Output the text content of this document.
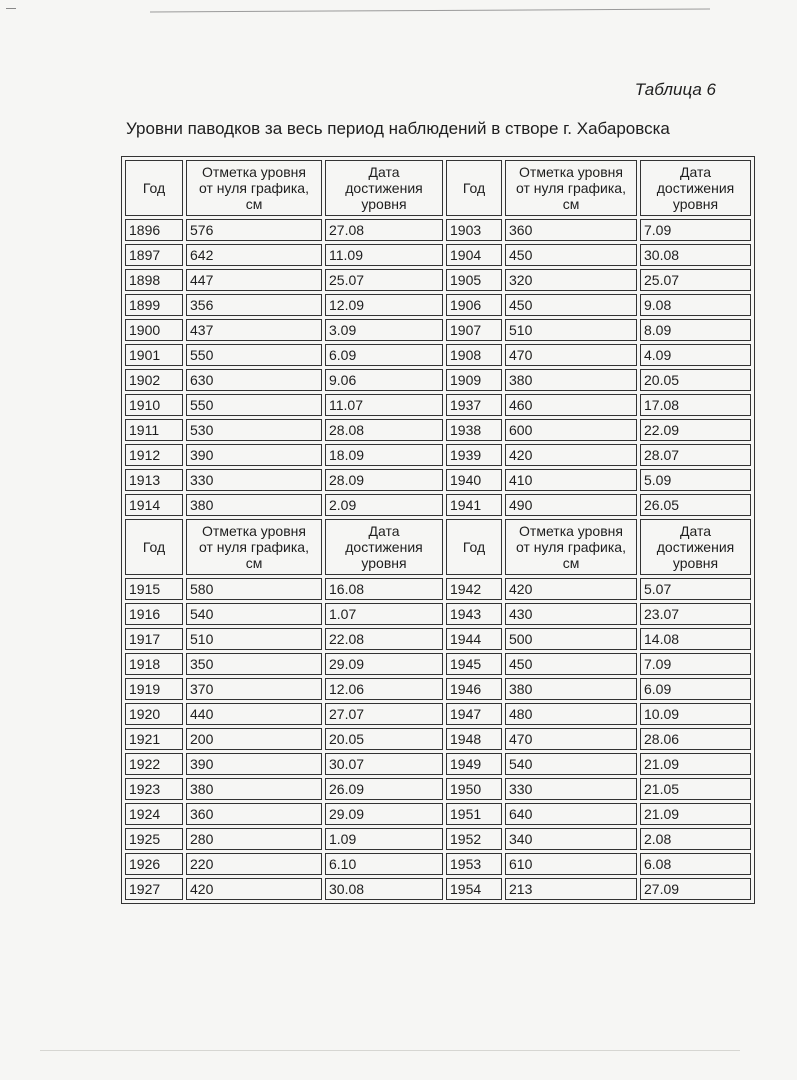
Таблица 6
Уровни паводков за весь период наблюдений в створе г. Хабаровска
Год	Отметка уровня
от нуля графика,
см	Дата
достижения
уровня	Год	Отметка уровня
от нуля графика,
см	Дата
достижения
уровня

1896	576	27.08	1903	360	7.09
1897	642	11.09	1904	450	30.08
1898	447	25.07	1905	320	25.07
1899	356	12.09	1906	450	9.08
1900	437	3.09	1907	510	8.09
1901	550	6.09	1908	470	4.09
1902	630	9.06	1909	380	20.05
1910	550	11.07	1937	460	17.08
1911	530	28.08	1938	600	22.09
1912	390	18.09	1939	420	28.07
1913	330	28.09	1940	410	5.09
1914	380	2.09	1941	490	26.05
Год	Отметка уровня
от нуля графика,
см	Дата
достижения
уровня	Год	Отметка уровня
от нуля графика,
см	Дата
достижения
уровня

1915	580	16.08	1942	420	5.07
1916	540	1.07	1943	430	23.07
1917	510	22.08	1944	500	14.08
1918	350	29.09	1945	450	7.09
1919	370	12.06	1946	380	6.09
1920	440	27.07	1947	480	10.09
1921	200	20.05	1948	470	28.06
1922	390	30.07	1949	540	21.09
1923	380	26.09	1950	330	21.05
1924	360	29.09	1951	640	21.09
1925	280	1.09	1952	340	2.08
1926	220	6.10	1953	610	6.08
1927	420	30.08	1954	213	27.09
